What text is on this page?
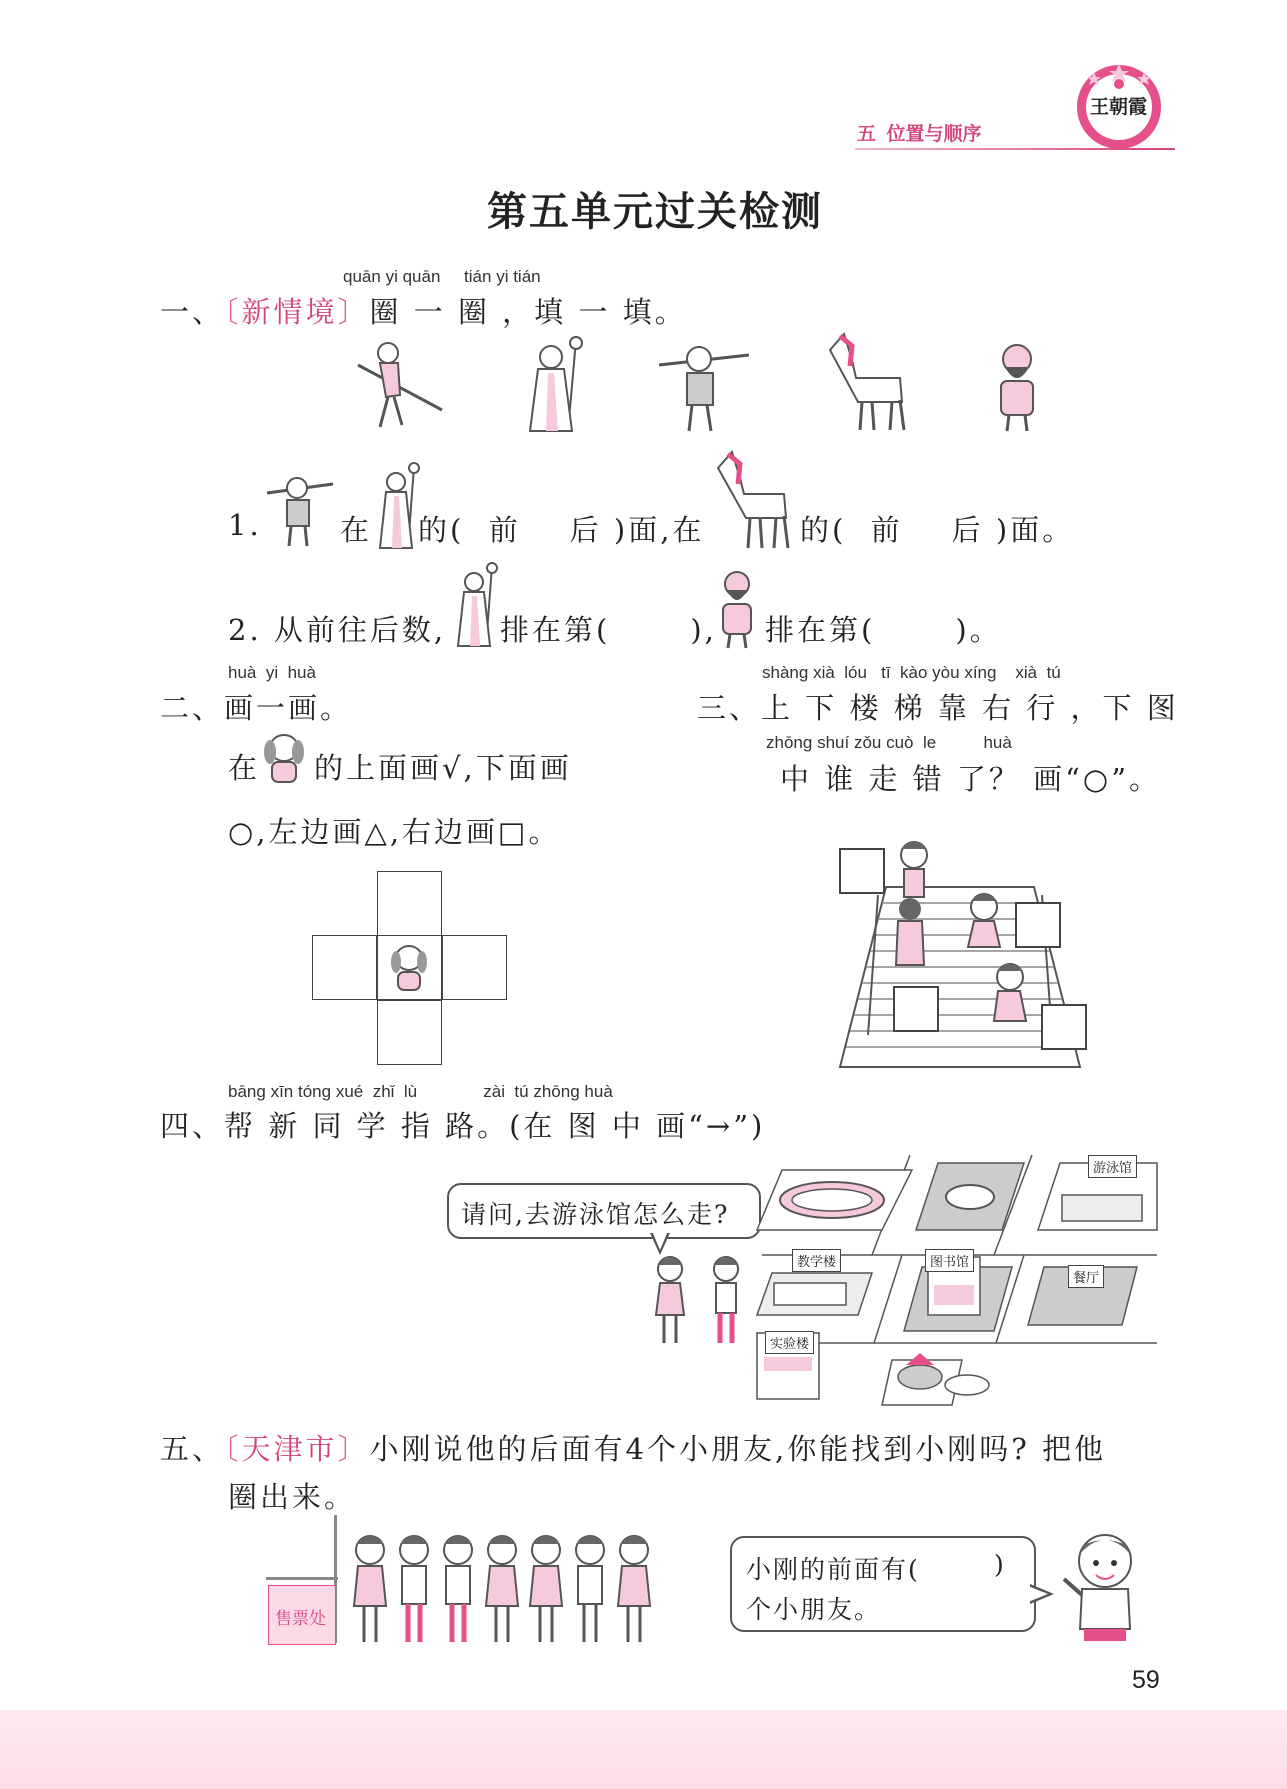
五  位置与顺序
王朝霞
第五单元过关检测
quān yi quān tián yi tián
一、〔新情境〕圈 一 圈 ，填 一 填。
1.	在 的( 前 后 )面,在	的( 前 后 )面。
2. 从前往后数, 排在第(	), 排在第(	)。
huà yi huà
二、画一画。
在 的上面画√,下面画
○,左边画△,右边画□。
shàng xià lóu tī kào yòu xíng xià tú
三、上 下 楼 梯 靠 右 行 ，下 图
zhōng shuí zǒu cuò le	huà
中 谁 走 错 了？ 画“○”。
bāng xīn tóng xué zhǐ lù	zài tú zhōng huà
四、帮 新 同 学 指 路。(在 图 中 画“→”)
请问,去游泳馆怎么走?
游泳馆
教学楼	图书馆
餐厅
实验楼
五、〔天津市〕小刚说他的后面有4个小朋友,你能找到小刚吗? 把他
圈出来。
售票处
小刚的前面有(	)
个小朋友。
59
